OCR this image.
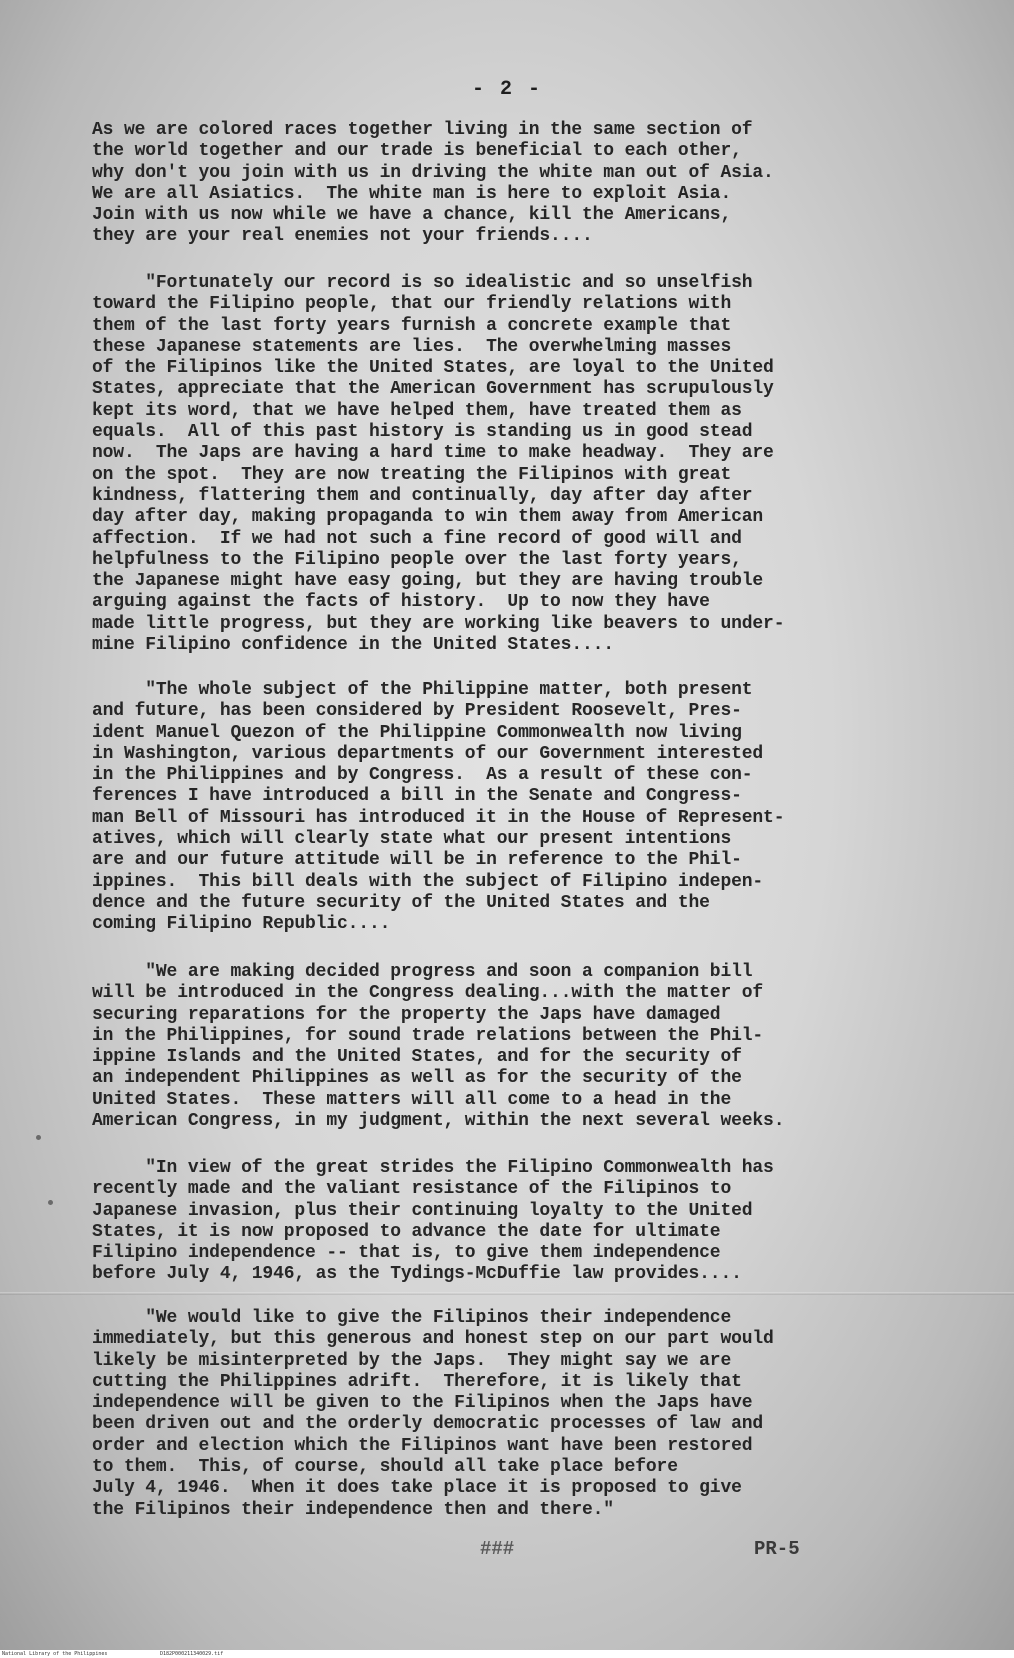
- 2 -
As we are colored races together living in the same section of
the world together and our trade is beneficial to each other,
why don't you join with us in driving the white man out of Asia.
We are all Asiatics.  The white man is here to exploit Asia.
Join with us now while we have a chance, kill the Americans,
they are your real enemies not your friends....
"Fortunately our record is so idealistic and so unselfish
toward the Filipino people, that our friendly relations with
them of the last forty years furnish a concrete example that
these Japanese statements are lies.  The overwhelming masses
of the Filipinos like the United States, are loyal to the United
States, appreciate that the American Government has scrupulously
kept its word, that we have helped them, have treated them as
equals.  All of this past history is standing us in good stead
now.  The Japs are having a hard time to make headway.  They are
on the spot.  They are now treating the Filipinos with great
kindness, flattering them and continually, day after day after
day after day, making propaganda to win them away from American
affection.  If we had not such a fine record of good will and
helpfulness to the Filipino people over the last forty years,
the Japanese might have easy going, but they are having trouble
arguing against the facts of history.  Up to now they have
made little progress, but they are working like beavers to under-
mine Filipino confidence in the United States....
"The whole subject of the Philippine matter, both present
and future, has been considered by President Roosevelt, Pres-
ident Manuel Quezon of the Philippine Commonwealth now living
in Washington, various departments of our Government interested
in the Philippines and by Congress.  As a result of these con-
ferences I have introduced a bill in the Senate and Congress-
man Bell of Missouri has introduced it in the House of Represent-
atives, which will clearly state what our present intentions
are and our future attitude will be in reference to the Phil-
ippines.  This bill deals with the subject of Filipino indepen-
dence and the future security of the United States and the
coming Filipino Republic....
"We are making decided progress and soon a companion bill
will be introduced in the Congress dealing...with the matter of
securing reparations for the property the Japs have damaged
in the Philippines, for sound trade relations between the Phil-
ippine Islands and the United States, and for the security of
an independent Philippines as well as for the security of the
United States.  These matters will all come to a head in the
American Congress, in my judgment, within the next several weeks.
"In view of the great strides the Filipino Commonwealth has
recently made and the valiant resistance of the Filipinos to
Japanese invasion, plus their continuing loyalty to the United
States, it is now proposed to advance the date for ultimate
Filipino independence -- that is, to give them independence
before July 4, 1946, as the Tydings-McDuffie law provides....
"We would like to give the Filipinos their independence
immediately, but this generous and honest step on our part would
likely be misinterpreted by the Japs.  They might say we are
cutting the Philippines adrift.  Therefore, it is likely that
independence will be given to the Filipinos when the Japs have
been driven out and the orderly democratic processes of law and
order and election which the Filipinos want have been restored
to them.  This, of course, should all take place before
July 4, 1946.  When it does take place it is proposed to give
the Filipinos their independence then and there."
###	PR-5
National Library of the Philippines	D182P000211340029.tif
